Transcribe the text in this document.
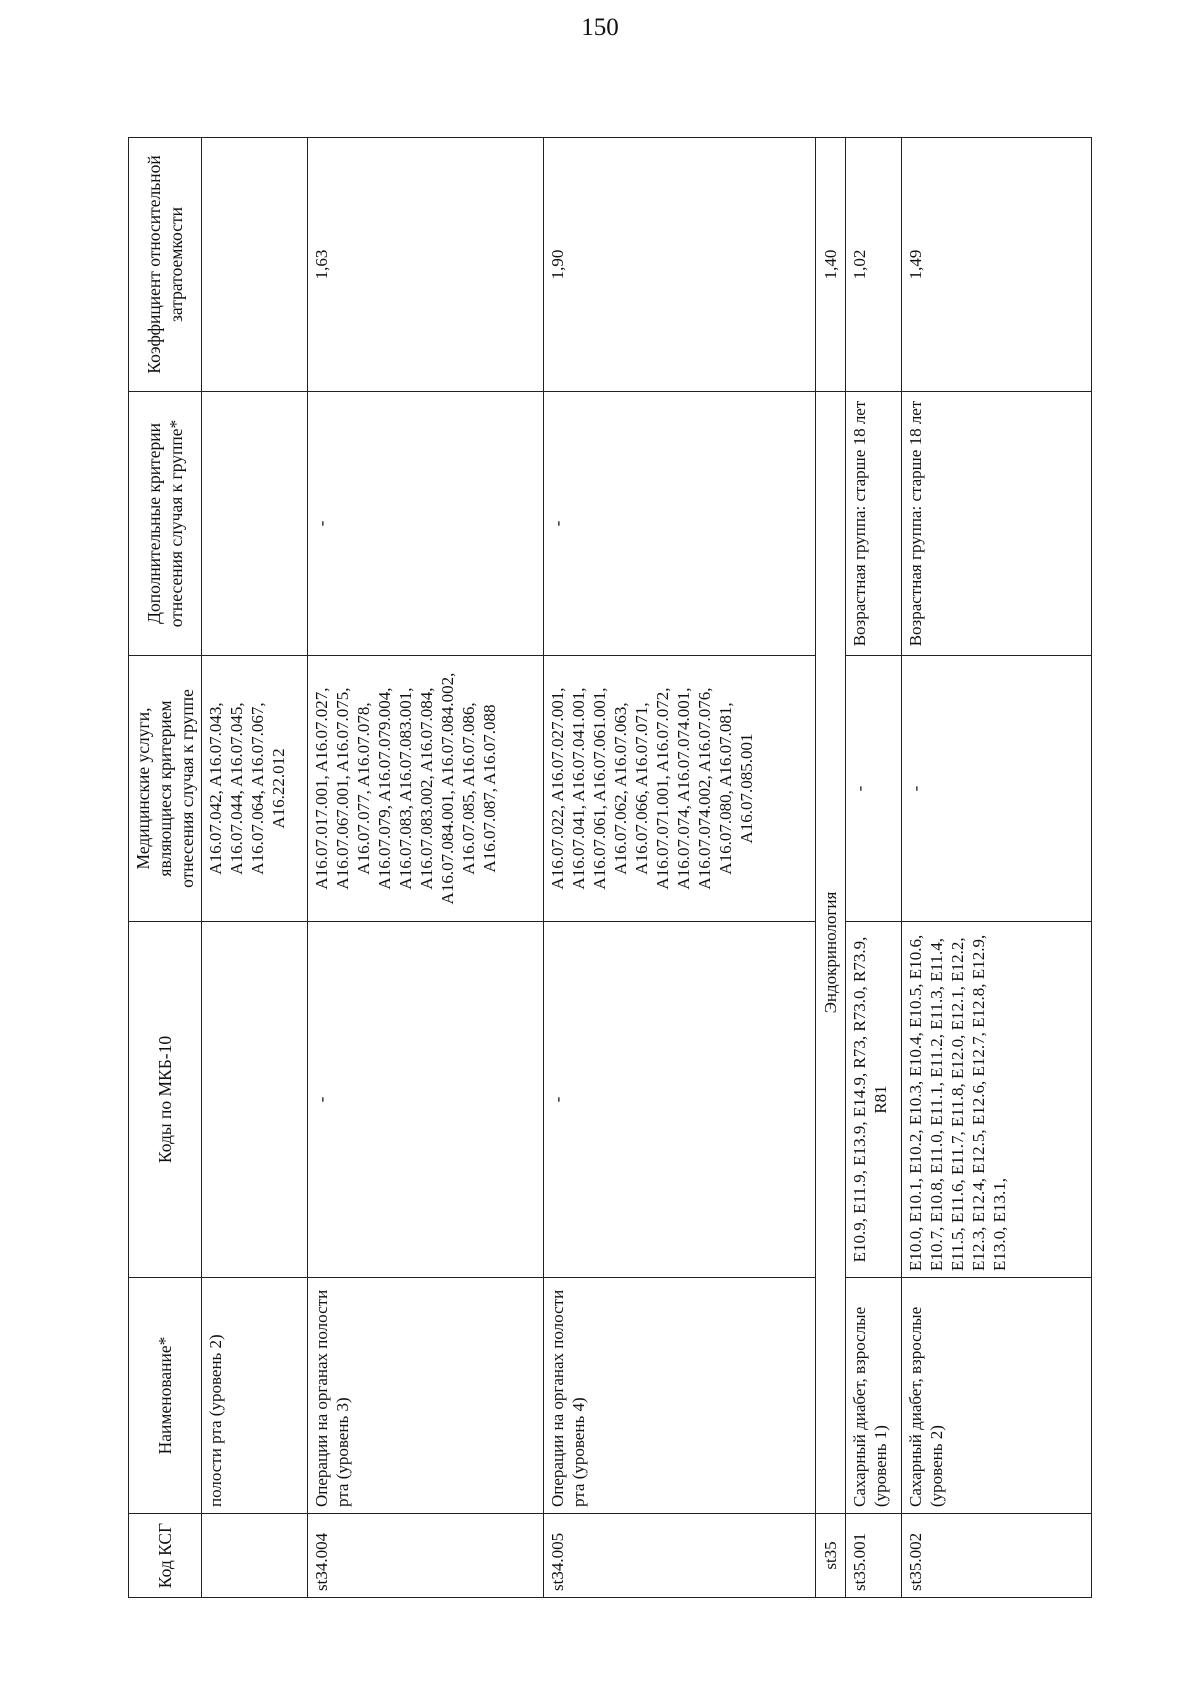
150
Код КСГ	Наименование*	Коды по МКБ-10	Медицинские услуги, являющиеся критерием отнесения случая к группе	Дополнительные критерии отнесения случая к группе*	Коэффициент относительной затратоемкости
	полости рта (уровень 2)		A16.07.042, A16.07.043, A16.07.044, A16.07.045, A16.07.064, A16.07.067, A16.22.012		
st34.004	Операции на органах полости рта (уровень 3)	-	A16.07.017.001, A16.07.027, A16.07.067.001, A16.07.075, A16.07.077, A16.07.078, A16.07.079, A16.07.079.004, A16.07.083, A16.07.083.001, A16.07.083.002, A16.07.084, A16.07.084.001, A16.07.084.002, A16.07.085, A16.07.086, A16.07.087, A16.07.088	-	1,63
st34.005	Операции на органах полости рта (уровень 4)	-	A16.07.022, A16.07.027.001, A16.07.041, A16.07.041.001, A16.07.061, A16.07.061.001, A16.07.062, A16.07.063, A16.07.066, A16.07.071, A16.07.071.001, A16.07.072, A16.07.074, A16.07.074.001, A16.07.074.002, A16.07.076, A16.07.080, A16.07.081, A16.07.085.001	-	1,90
st35	Эндокринология				1,40
st35.001	Сахарный диабет, взрослые (уровень 1)	E10.9, E11.9, E13.9, E14.9, R73, R73.0, R73.9, R81	-	Возрастная группа: старше 18 лет	1,02
st35.002	Сахарный диабет, взрослые (уровень 2)	E10.0, E10.1, E10.2, E10.3, E10.4, E10.5, E10.6, E10.7, E10.8, E11.0, E11.1, E11.2, E11.3, E11.4, E11.5, E11.6, E11.7, E11.8, E12.0, E12.1, E12.2, E12.3, E12.4, E12.5, E12.6, E12.7, E12.8, E12.9, E13.0, E13.1,	-	Возрастная группа: старше 18 лет	1,49
